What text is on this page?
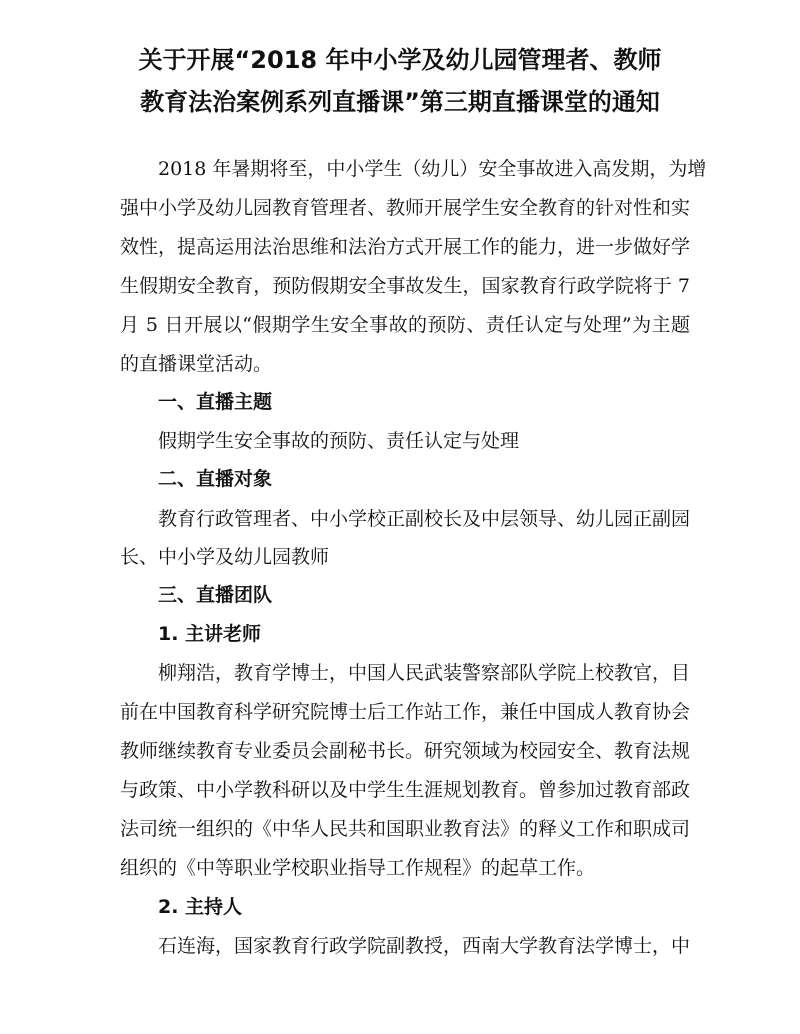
关于开展“2018 年中小学及幼儿园管理者、教师
教育法治案例系列直播课”第三期直播课堂的通知

2018 年暑期将至，中小学生（幼儿）安全事故进入高发期，为增

强中小学及幼儿园教育管理者、教师开展学生安全教育的针对性和实

效性，提高运用法治思维和法治方式开展工作的能力，进一步做好学

生假期安全教育，预防假期安全事故发生，国家教育行政学院将于 7

月 5 日开展以“假期学生安全事故的预防、责任认定与处理”为主题

的直播课堂活动。

一、直播主题

假期学生安全事故的预防、责任认定与处理

二、直播对象

教育行政管理者、中小学校正副校长及中层领导、幼儿园正副园

长、中小学及幼儿园教师

三、直播团队

1. 主讲老师

柳翔浩，教育学博士，中国人民武装警察部队学院上校教官，目

前在中国教育科学研究院博士后工作站工作，兼任中国成人教育协会

教师继续教育专业委员会副秘书长。研究领域为校园安全、教育法规

与政策、中小学教科研以及中学生生涯规划教育。曾参加过教育部政

法司统一组织的《中华人民共和国职业教育法》的释义工作和职成司

组织的《中等职业学校职业指导工作规程》的起草工作。

2. 主持人

石连海，国家教育行政学院副教授，西南大学教育法学博士，中
